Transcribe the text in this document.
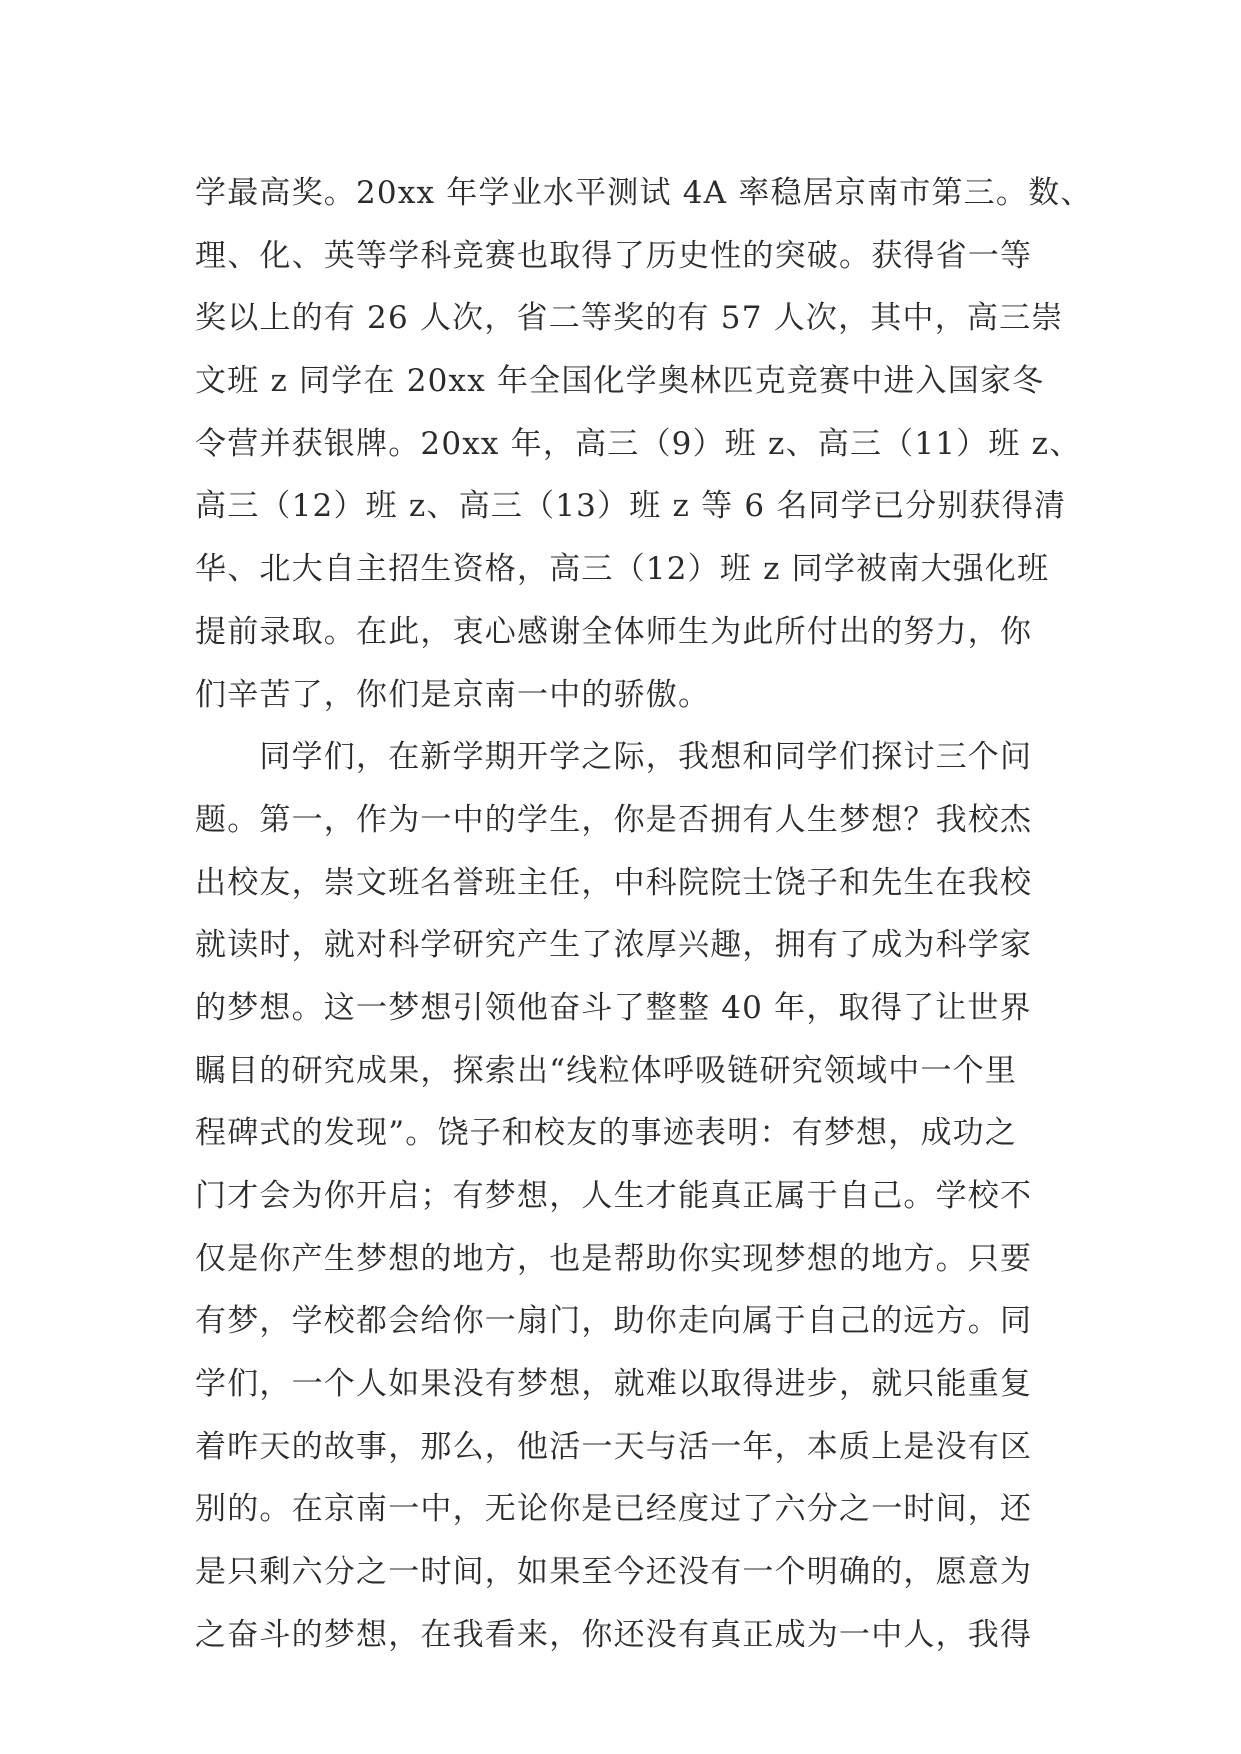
学最高奖。20xx 年学业水平测试 4A 率稳居京南市第三。数、
理、化、英等学科竞赛也取得了历史性的突破。获得省一等
奖以上的有 26 人次，省二等奖的有 57 人次，其中，高三崇
文班 z 同学在 20xx 年全国化学奥林匹克竞赛中进入国家冬
令营并获银牌。20xx 年，高三（9）班 z、高三（11）班 z、
高三（12）班 z、高三（13）班 z 等 6 名同学已分别获得清
华、北大自主招生资格，高三（12）班 z 同学被南大强化班
提前录取。在此，衷心感谢全体师生为此所付出的努力，你
们辛苦了，你们是京南一中的骄傲。
　　同学们，在新学期开学之际，我想和同学们探讨三个问
题。第一，作为一中的学生，你是否拥有人生梦想？我校杰
出校友，崇文班名誉班主任，中科院院士饶子和先生在我校
就读时，就对科学研究产生了浓厚兴趣，拥有了成为科学家
的梦想。这一梦想引领他奋斗了整整 40 年，取得了让世界
瞩目的研究成果，探索出“线粒体呼吸链研究领域中一个里
程碑式的发现”。饶子和校友的事迹表明：有梦想，成功之
门才会为你开启；有梦想，人生才能真正属于自己。学校不
仅是你产生梦想的地方，也是帮助你实现梦想的地方。只要
有梦，学校都会给你一扇门，助你走向属于自己的远方。同
学们，一个人如果没有梦想，就难以取得进步，就只能重复
着昨天的故事，那么，他活一天与活一年，本质上是没有区
别的。在京南一中，无论你是已经度过了六分之一时间，还
是只剩六分之一时间，如果至今还没有一个明确的，愿意为
之奋斗的梦想，在我看来，你还没有真正成为一中人，我得
